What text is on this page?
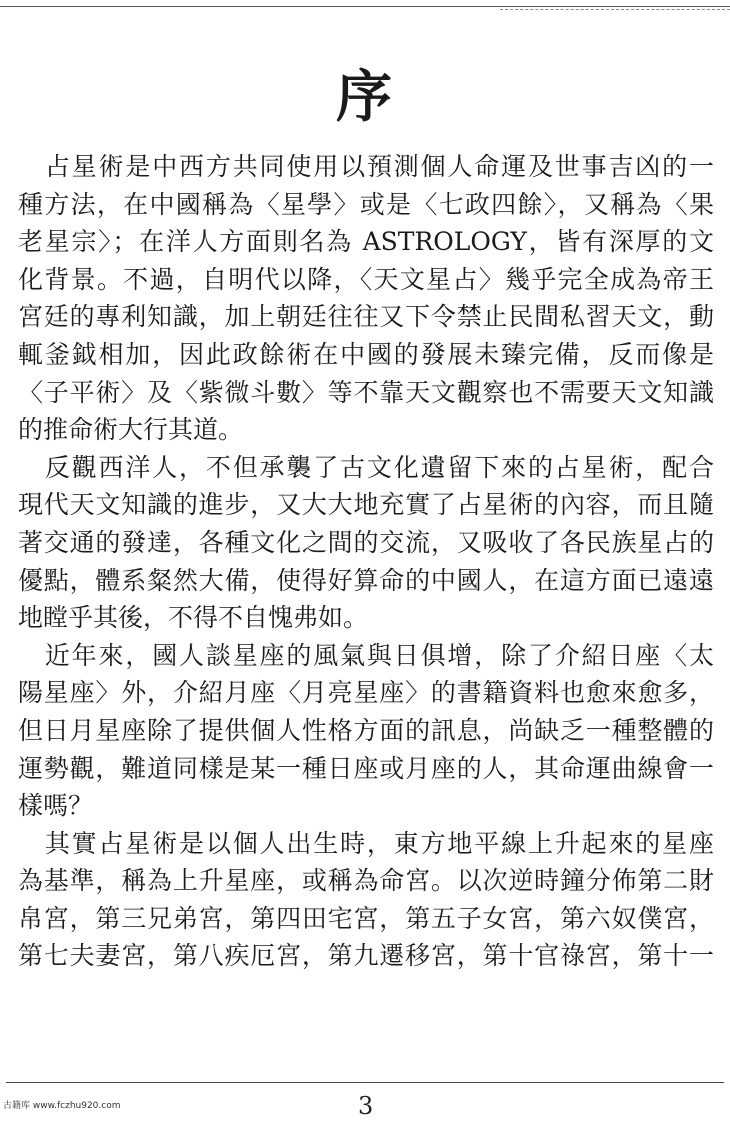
序
　占星術是中西方共同使用以預測個人命運及世事吉凶的一
種方法，在中國稱為〈星學〉或是〈七政四餘〉，又稱為〈果
老星宗〉；在洋人方面則名為 ASTROLOGY，皆有深厚的文
化背景。不過，自明代以降，〈天文星占〉幾乎完全成為帝王
宮廷的專利知識，加上朝廷往往又下令禁止民間私習天文，動
輒釜鉞相加，因此政餘術在中國的發展未臻完備，反而像是
〈子平術〉及〈紫微斗數〉等不靠天文觀察也不需要天文知識
的推命術大行其道。
　反觀西洋人，不但承襲了古文化遺留下來的占星術，配合
現代天文知識的進步，又大大地充實了占星術的內容，而且隨
著交通的發達，各種文化之間的交流，又吸收了各民族星占的
優點，體系粲然大備，使得好算命的中國人，在這方面已遠遠
地瞠乎其後，不得不自愧弗如。
　近年來，國人談星座的風氣與日俱增，除了介紹日座〈太
陽星座〉外，介紹月座〈月亮星座〉的書籍資料也愈來愈多，
但日月星座除了提供個人性格方面的訊息，尚缺乏一種整體的
運勢觀，難道同樣是某一種日座或月座的人，其命運曲線會一
樣嗎？
　其實占星術是以個人出生時，東方地平線上升起來的星座
為基準，稱為上升星座，或稱為命宮。以次逆時鐘分佈第二財
帛宮，第三兄弟宮，第四田宅宮，第五子女宮，第六奴僕宮，
第七夫妻宮，第八疾厄宮，第九遷移宮，第十官祿宮，第十一
古籍库 www.fczhu920.com	3
